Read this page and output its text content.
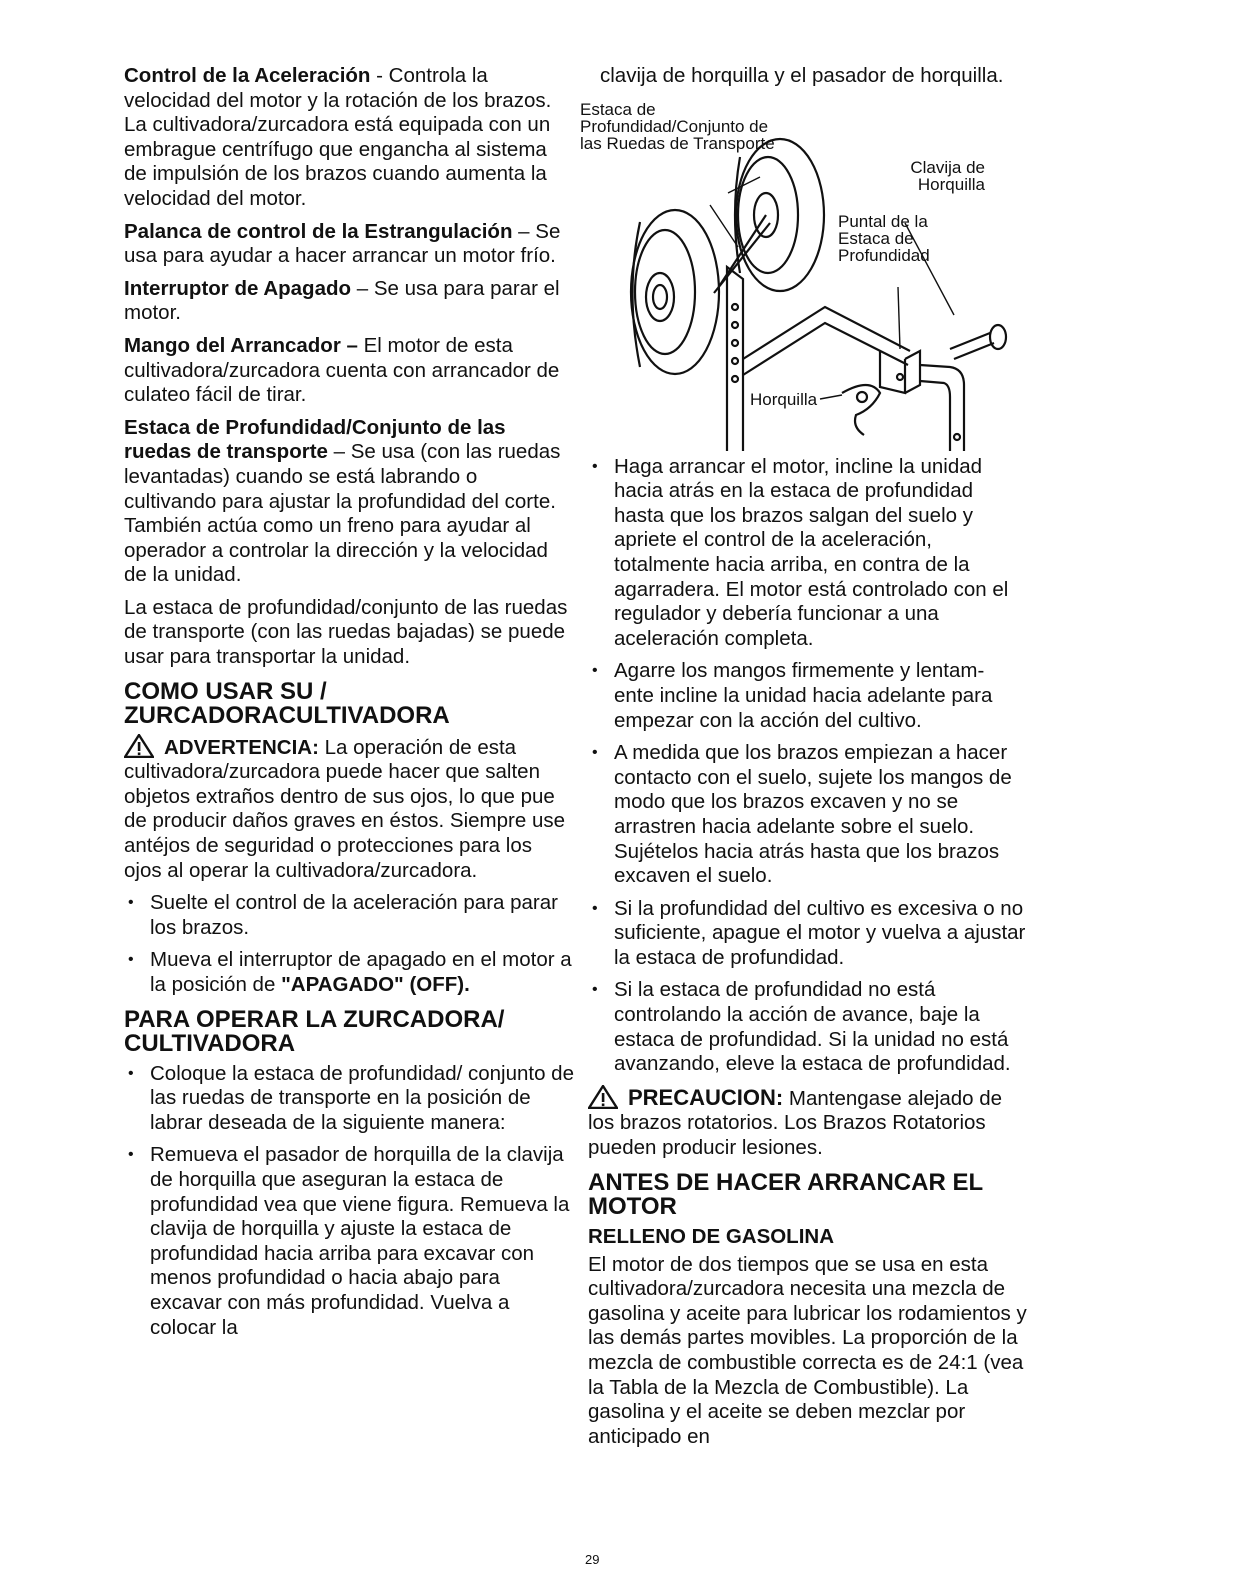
Control de la Aceleración - Controla la velocidad del motor y la rotación de los brazos. La cultivadora/zurcadora está equipada con un embrague centrífugo que engancha al sistema de impulsión de los brazos cuando aumenta la velocidad del motor.

Palanca de control de la Estrangulación – Se usa para ayudar a hacer arrancar un motor frío.

Interruptor de Apagado – Se usa para parar el motor.

Mango del Arrancador – El motor de esta cultivadora/zurcadora cuenta con arrancador de culateo fácil de tirar.

Estaca de Profundidad/Conjunto de las ruedas de transporte – Se usa (con las ruedas levantadas) cuando se está labrando o cultivando para ajustar la profundidad del corte. También actúa como un freno para ayudar al operador a controlar la dirección y la velocidad de la unidad.

La estaca de profundidad/conjunto de las ruedas de transporte (con las ruedas bajadas) se puede usar para transportar la unidad.

COMO USAR SU / ZURCADORACULTIVADORA

ADVERTENCIA: La operación de esta cultivadora/zurcadora puede hacer que salten objetos extraños dentro de sus ojos, lo que pue de producir daños graves en éstos. Siempre use antéjos de seguridad o protecciones para los ojos al operar la cultivadora/zurcadora.

• Suelte el control de la aceleración para parar los brazos.
• Mueva el interruptor de apagado en el motor a la posición de "APAGADO" (OFF).
PARA OPERAR LA ZURCADORA/ CULTIVADORA
• Coloque la estaca de profundidad/ conjunto de las ruedas de transporte en la posición de labrar deseada de la siguiente manera:
• Remueva el pasador de horquilla de la clavija de horquilla que aseguran la estaca de profundidad vea que viene figura. Remueva la clavija de horquilla y ajuste la estaca de profundidad hacia arriba para excavar con menos profundidad o hacia abajo para excavar con más profundidad. Vuelva a colocar la

clavija de horquilla y el pasador de horquilla.

Estaca de Profundidad/Conjunto de las Ruedas de Transporte
Clavija de Horquilla
Puntal de la Estaca de Profundidad
Horquilla
• Haga arrancar el motor, incline la unidad hacia atrás en la estaca de profundidad hasta que los brazos salgan del suelo y apriete el control de la aceleración, totalmente hacia arriba, en contra de la agarradera. El motor está controlado con el regulador y debería funcionar a una aceleración completa.
• Agarre los mangos firmemente y lentam- ente incline la unidad hacia adelante para empezar con la acción del cultivo.
• A medida que los brazos empiezan a hacer contacto con el suelo, sujete los mangos de modo que los brazos excaven y no se arrastren hacia adelante sobre el suelo. Sujételos hacia atrás hasta que los brazos excaven el suelo.
• Si la profundidad del cultivo es excesiva o no suficiente, apague el motor y vuelva a ajustar la estaca de profundidad.
• Si la estaca de profundidad no está controlando la acción de avance, baje la estaca de profundidad. Si la unidad no está avanzando, eleve la estaca de profundidad.

PRECAUCION: Mantengase alejado de los brazos rotatorios. Los Brazos Rotatorios pueden producir lesiones.

ANTES DE HACER ARRANCAR EL MOTOR
RELLENO DE GASOLINA

El motor de dos tiempos que se usa en esta cultivadora/zurcadora necesita una mezcla de gasolina y aceite para lubricar los rodamientos y las demás partes movibles. La proporción de la mezcla de combustible correcta es de 24:1 (vea la Tabla de la Mezcla de Combustible). La gasolina y el aceite se deben mezclar por anticipado en

29
